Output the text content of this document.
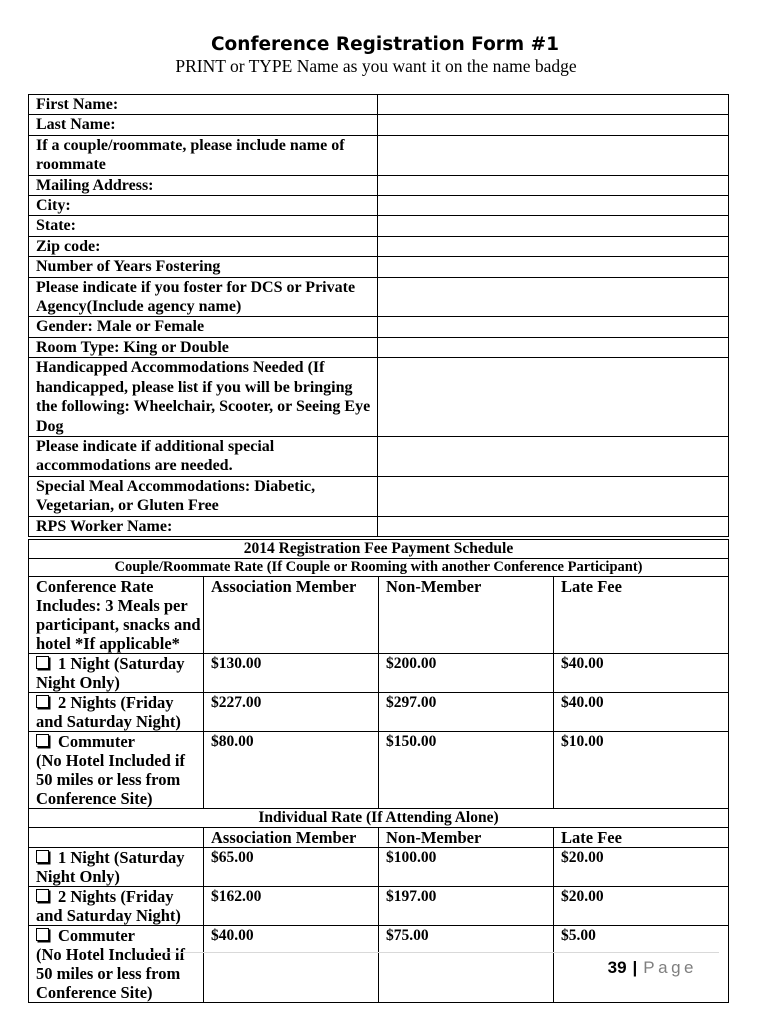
Conference Registration Form #1
PRINT or TYPE Name as you want it on the name badge
First Name:	
Last Name:	
If a couple/roommate, please include name of roommate	
Mailing Address:	
City:	
State:	
Zip code:	
Number of Years Fostering	
Please indicate if you foster for DCS or Private Agency(Include agency name)	
Gender: Male or Female	
Room Type: King or Double	
Handicapped Accommodations Needed (If handicapped, please list if you will be bringing the following: Wheelchair, Scooter, or Seeing Eye Dog	
Please indicate if additional special accommodations are needed.	
Special Meal Accommodations: Diabetic, Vegetarian, or Gluten Free	
RPS Worker Name:	
2014 Registration Fee Payment Schedule			
Couple/Roommate Rate (If Couple or Rooming with another Conference Participant)			
Conference Rate Includes: 3 Meals per participant, snacks and hotel *If applicable*	Association Member	Non-Member	Late Fee
1 Night (Saturday Night Only)	$130.00	$200.00	$40.00
2 Nights (Friday and Saturday Night)	$227.00	$297.00	$40.00
Commuter
(No Hotel Included if 50 miles or less from Conference Site)	$80.00	$150.00	$10.00
Individual Rate (If Attending Alone)			
	Association Member	Non-Member	Late Fee
1 Night (Saturday Night Only)	$65.00	$100.00	$20.00
2 Nights (Friday and Saturday Night)	$162.00	$197.00	$20.00
Commuter
(No Hotel Included if 50 miles or less from Conference Site)	$40.00	$75.00	$5.00
39 | Page
